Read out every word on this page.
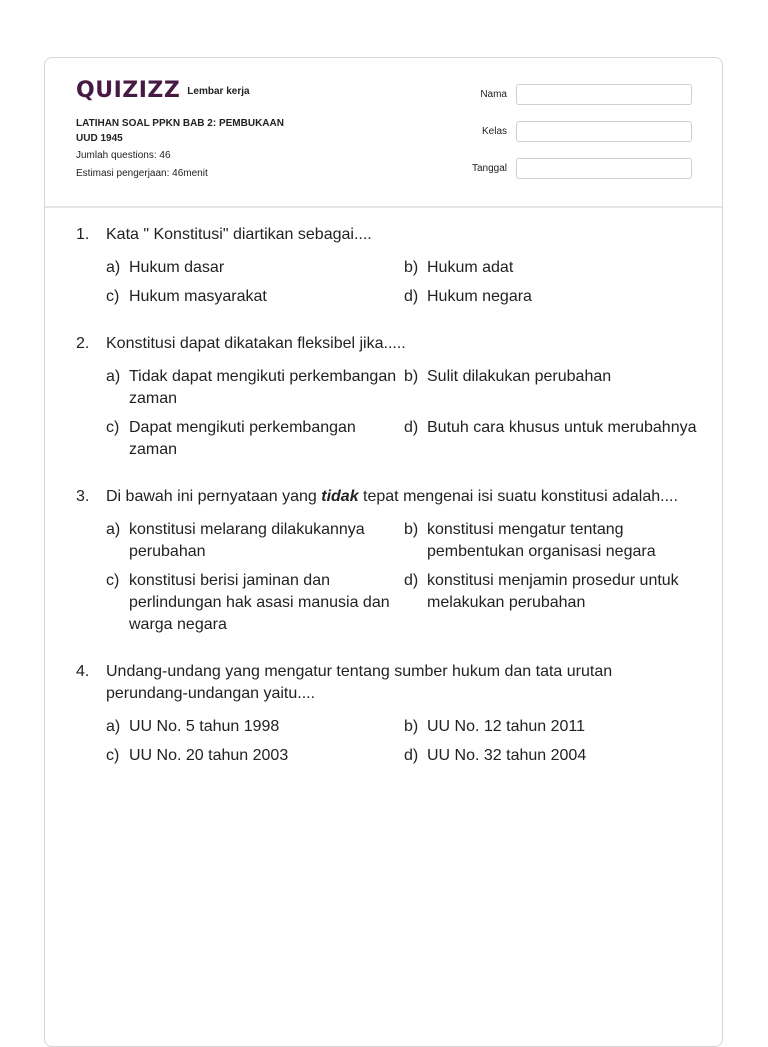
QUIZIZZ Lembar kerja
LATIHAN SOAL PPKN BAB 2: PEMBUKAAN UUD 1945
Jumlah questions: 46
Estimasi pengerjaan: 46menit
Nama
Kelas
Tanggal
1.	Kata " Konstitusi" diartikan sebagai....
a) Hukum dasar	b) Hukum adat
c) Hukum masyarakat	d) Hukum negara
2.	Konstitusi dapat dikatakan fleksibel jika.....
a) Tidak dapat mengikuti perkembangan zaman
b) Sulit dilakukan perubahan
c) Dapat mengikuti perkembangan zaman
d) Butuh cara khusus untuk merubahnya
3.	Di bawah ini pernyataan yang tidak tepat mengenai isi suatu konstitusi adalah....
a) konstitusi melarang dilakukannya perubahan
b) konstitusi mengatur tentang pembentukan organisasi negara
c) konstitusi berisi jaminan dan perlindungan hak asasi manusia dan warga negara
d) konstitusi menjamin prosedur untuk melakukan perubahan
4.	Undang-undang yang mengatur tentang sumber hukum dan tata urutan perundang-undangan yaitu....
a) UU No. 5 tahun 1998	b) UU No. 12 tahun 2011
c) UU No. 20 tahun 2003	d) UU No. 32 tahun 2004
